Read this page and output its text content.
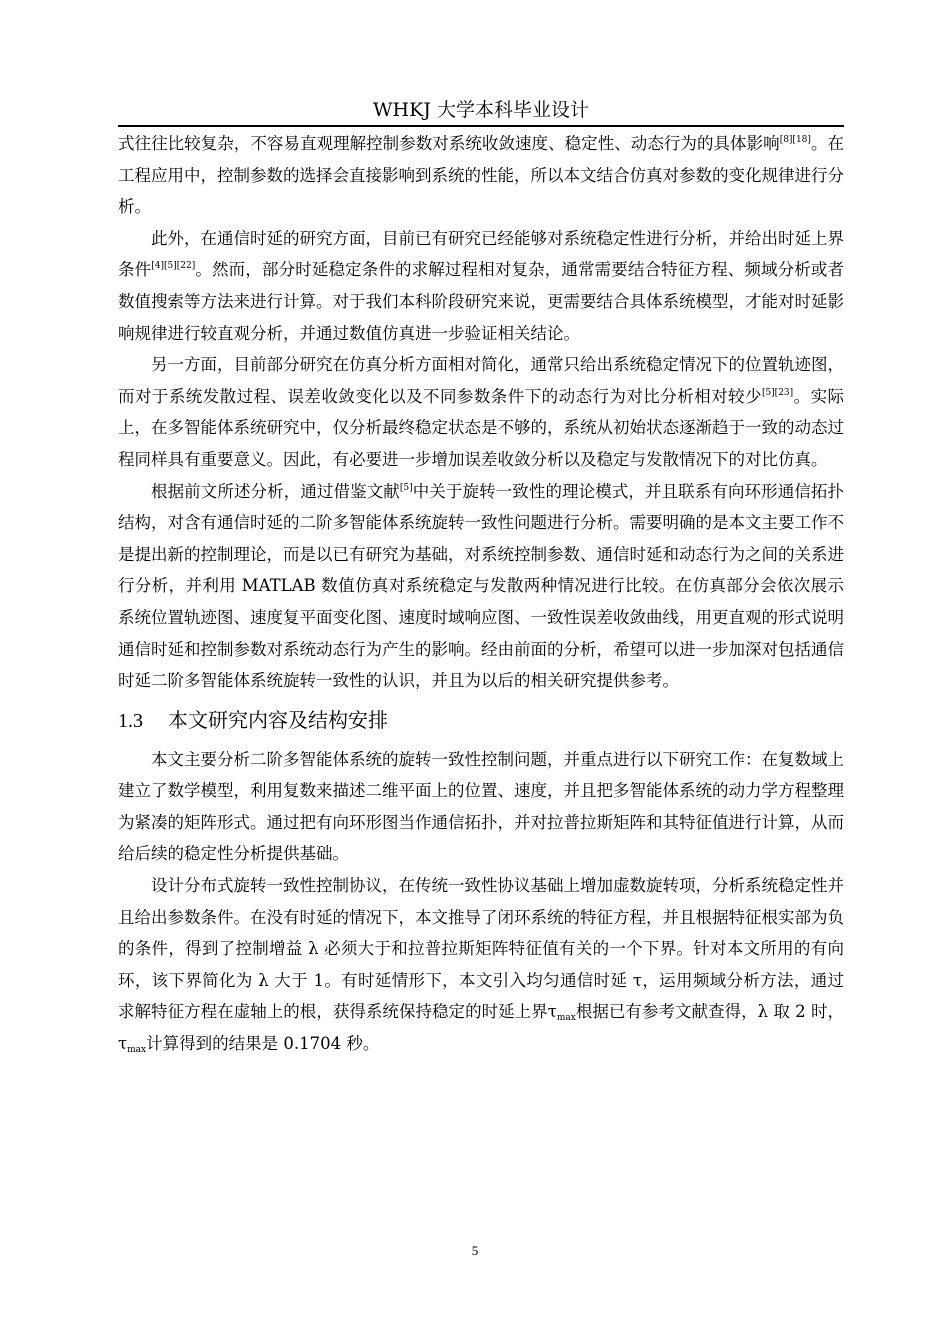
WHKJ 大学本科毕业设计

式往往比较复杂，不容易直观理解控制参数对系统收敛速度、稳定性、动态行为的具体影响[8][18]。在工程应用中，控制参数的选择会直接影响到系统的性能，所以本文结合仿真对参数的变化规律进行分析。

此外，在通信时延的研究方面，目前已有研究已经能够对系统稳定性进行分析，并给出时延上界条件[4][5][22]。然而，部分时延稳定条件的求解过程相对复杂，通常需要结合特征方程、频域分析或者数值搜索等方法来进行计算。对于我们本科阶段研究来说，更需要结合具体系统模型，才能对时延影响规律进行较直观分析，并通过数值仿真进一步验证相关结论。

另一方面，目前部分研究在仿真分析方面相对简化，通常只给出系统稳定情况下的位置轨迹图，而对于系统发散过程、误差收敛变化以及不同参数条件下的动态行为对比分析相对较少[5][23]。实际上，在多智能体系统研究中，仅分析最终稳定状态是不够的，系统从初始状态逐渐趋于一致的动态过程同样具有重要意义。因此，有必要进一步增加误差收敛分析以及稳定与发散情况下的对比仿真。

根据前文所述分析，通过借鉴文献[5]中关于旋转一致性的理论模式，并且联系有向环形通信拓扑结构，对含有通信时延的二阶多智能体系统旋转一致性问题进行分析。需要明确的是本文主要工作不是提出新的控制理论，而是以已有研究为基础，对系统控制参数、通信时延和动态行为之间的关系进行分析，并利用 MATLAB 数值仿真对系统稳定与发散两种情况进行比较。在仿真部分会依次展示系统位置轨迹图、速度复平面变化图、速度时域响应图、一致性误差收敛曲线，用更直观的形式说明通信时延和控制参数对系统动态行为产生的影响。经由前面的分析，希望可以进一步加深对包括通信时延二阶多智能体系统旋转一致性的认识，并且为以后的相关研究提供参考。

1.3 本文研究内容及结构安排

本文主要分析二阶多智能体系统的旋转一致性控制问题，并重点进行以下研究工作：在复数域上建立了数学模型，利用复数来描述二维平面上的位置、速度，并且把多智能体系统的动力学方程整理为紧凑的矩阵形式。通过把有向环形图当作通信拓扑，并对拉普拉斯矩阵和其特征值进行计算，从而给后续的稳定性分析提供基础。

设计分布式旋转一致性控制协议，在传统一致性协议基础上增加虚数旋转项，分析系统稳定性并且给出参数条件。在没有时延的情况下，本文推导了闭环系统的特征方程，并且根据特征根实部为负的条件，得到了控制增益 λ 必须大于和拉普拉斯矩阵特征值有关的一个下界。针对本文所用的有向环，该下界简化为 λ 大于 1。有时延情形下，本文引入均匀通信时延 τ，运用频域分析方法，通过求解特征方程在虚轴上的根，获得系统保持稳定的时延上界$\tau_{max}$根据已有参考文献查得，λ 取 2 时，$\tau_{max}$计算得到的结果是 0.1704 秒。

5
